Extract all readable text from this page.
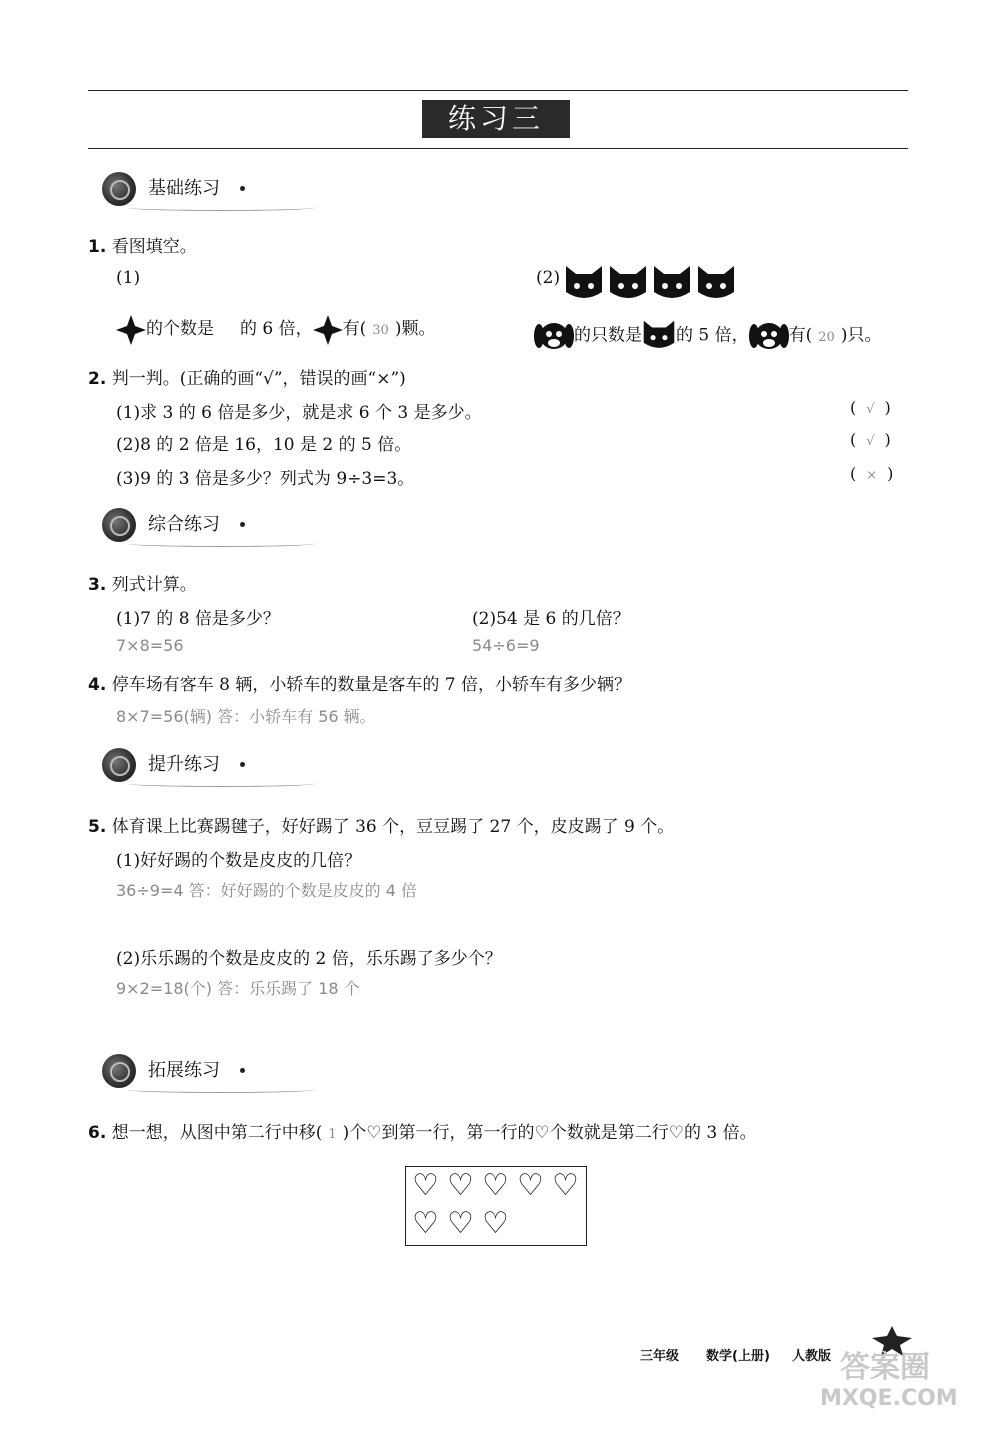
练习三
基础练习
1. 看图填空。
(1)
的个数是 的 6 倍， 有( 30 )颗。
(2)
的只数是 的 5 倍， 有( 20 )只。
2. 判一判。(正确的画“√”，错误的画“×”)
(1)求 3 的 6 倍是多少，就是求 6 个 3 是多少。	( √ )
(2)8 的 2 倍是 16，10 是 2 的 5 倍。	( √ )
(3)9 的 3 倍是多少？列式为 9÷3=3。	( × )
综合练习
3. 列式计算。
(1)7 的 8 倍是多少？
7×8=56
(2)54 是 6 的几倍？
54÷6=9
4. 停车场有客车 8 辆，小轿车的数量是客车的 7 倍，小轿车有多少辆？
8×7=56(辆) 答：小轿车有 56 辆。
提升练习
5. 体育课上比赛踢毽子，好好踢了 36 个，豆豆踢了 27 个，皮皮踢了 9 个。
(1)好好踢的个数是皮皮的几倍？
36÷9=4 答：好好踢的个数是皮皮的 4 倍
(2)乐乐踢的个数是皮皮的 2 倍，乐乐踢了多少个？
9×2=18(个) 答：乐乐踢了 18 个
拓展练习
6. 想一想，从图中第二行中移( 1 )个♡到第一行，第一行的♡个数就是第二行♡的 3 倍。
♡ ♡ ♡ ♡ ♡
♡ ♡ ♡
三年级 数学(上册) 人教版 答案圈
MXQE.COM
